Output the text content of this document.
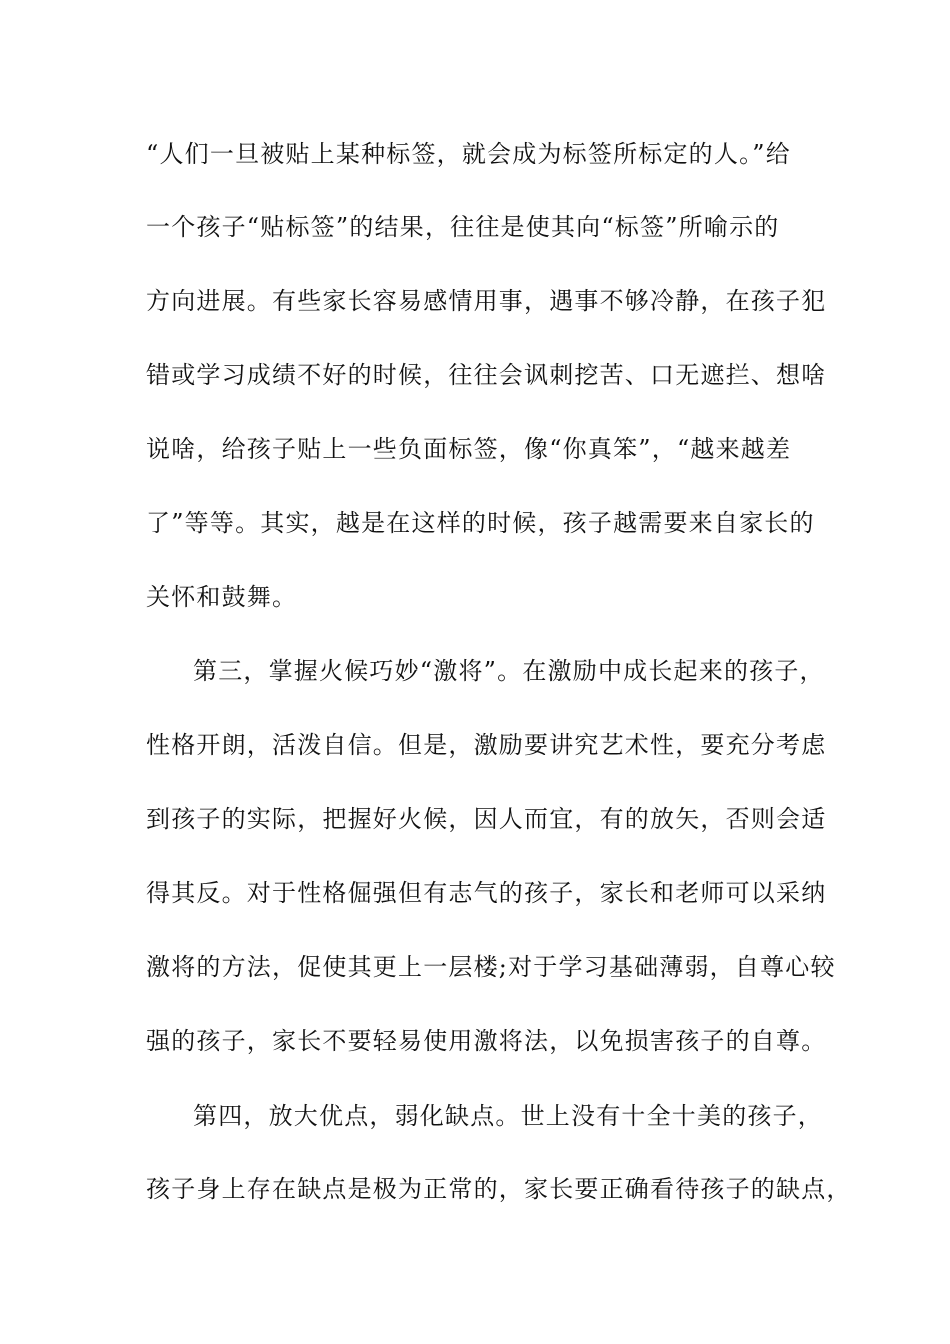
“人们一旦被贴上某种标签，就会成为标签所标定的人。”给
一个孩子“贴标签”的结果，往往是使其向“标签”所喻示的
方向进展。有些家长容易感情用事，遇事不够冷静，在孩子犯
错或学习成绩不好的时候，往往会讽刺挖苦、口无遮拦、想啥
说啥，给孩子贴上一些负面标签，像“你真笨”，“越来越差
了”等等。其实，越是在这样的时候，孩子越需要来自家长的
关怀和鼓舞。
第三，掌握火候巧妙“激将”。在激励中成长起来的孩子，
性格开朗，活泼自信。但是，激励要讲究艺术性，要充分考虑
到孩子的实际，把握好火候，因人而宜，有的放矢，否则会适
得其反。对于性格倔强但有志气的孩子，家长和老师可以采纳
激将的方法，促使其更上一层楼;对于学习基础薄弱，自尊心较
强的孩子，家长不要轻易使用激将法，以免损害孩子的自尊。
第四，放大优点，弱化缺点。世上没有十全十美的孩子，
孩子身上存在缺点是极为正常的，家长要正确看待孩子的缺点，
